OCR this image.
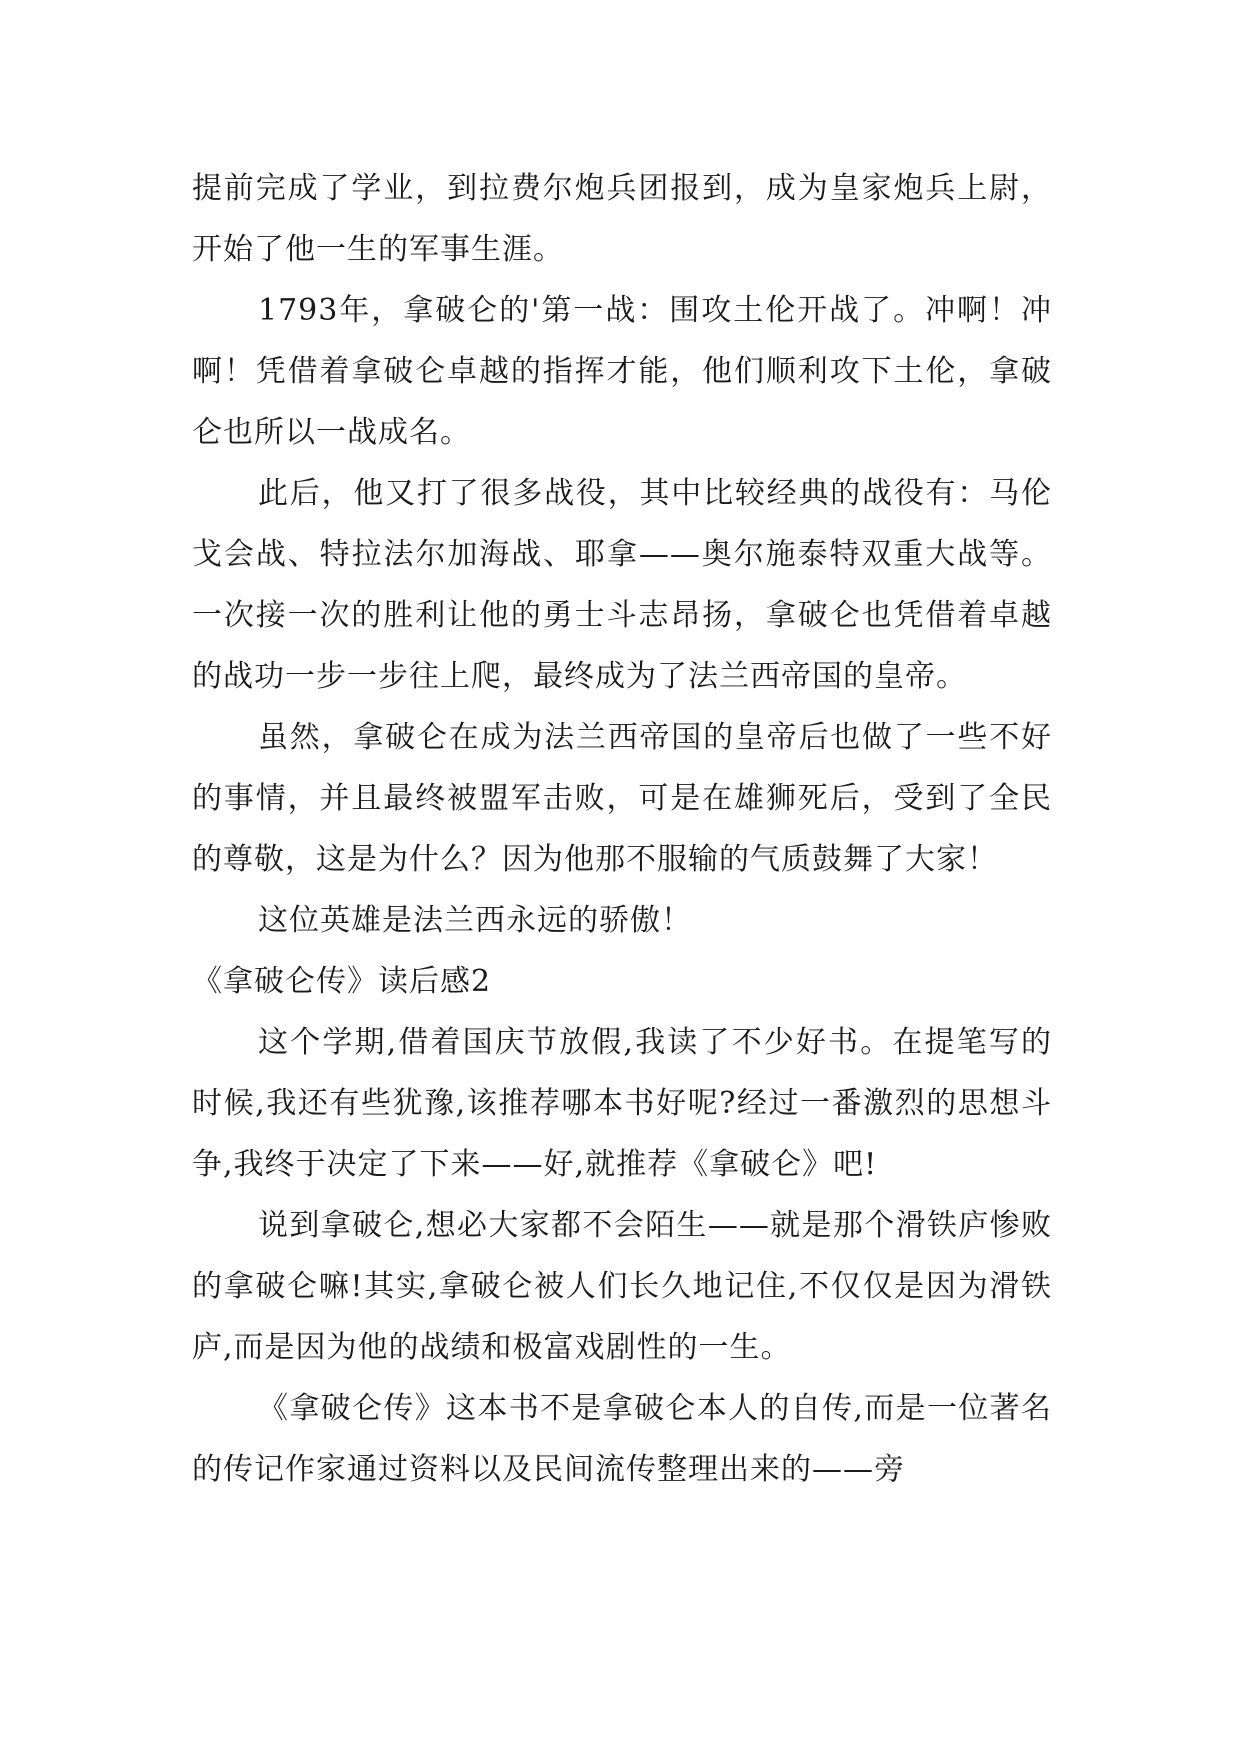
提前完成了学业，到拉费尔炮兵团报到，成为皇家炮兵上尉，开始了他一生的军事生涯。

1793年，拿破仑的'第一战：围攻土伦开战了。冲啊！冲啊！凭借着拿破仑卓越的指挥才能，他们顺利攻下土伦，拿破仑也所以一战成名。

此后，他又打了很多战役，其中比较经典的战役有：马伦戈会战、特拉法尔加海战、耶拿——奥尔施泰特双重大战等。一次接一次的胜利让他的勇士斗志昂扬，拿破仑也凭借着卓越的战功一步一步往上爬，最终成为了法兰西帝国的皇帝。

虽然，拿破仑在成为法兰西帝国的皇帝后也做了一些不好的事情，并且最终被盟军击败，可是在雄狮死后，受到了全民的尊敬，这是为什么？因为他那不服输的气质鼓舞了大家！

这位英雄是法兰西永远的骄傲！

《拿破仑传》读后感2

这个学期,借着国庆节放假,我读了不少好书。在提笔写的时候,我还有些犹豫,该推荐哪本书好呢?经过一番激烈的思想斗争,我终于决定了下来——好,就推荐《拿破仑》吧!

说到拿破仑,想必大家都不会陌生——就是那个滑铁庐惨败的拿破仑嘛!其实,拿破仑被人们长久地记住,不仅仅是因为滑铁庐,而是因为他的战绩和极富戏剧性的一生。

《拿破仑传》这本书不是拿破仑本人的自传,而是一位著名的传记作家通过资料以及民间流传整理出来的——旁
